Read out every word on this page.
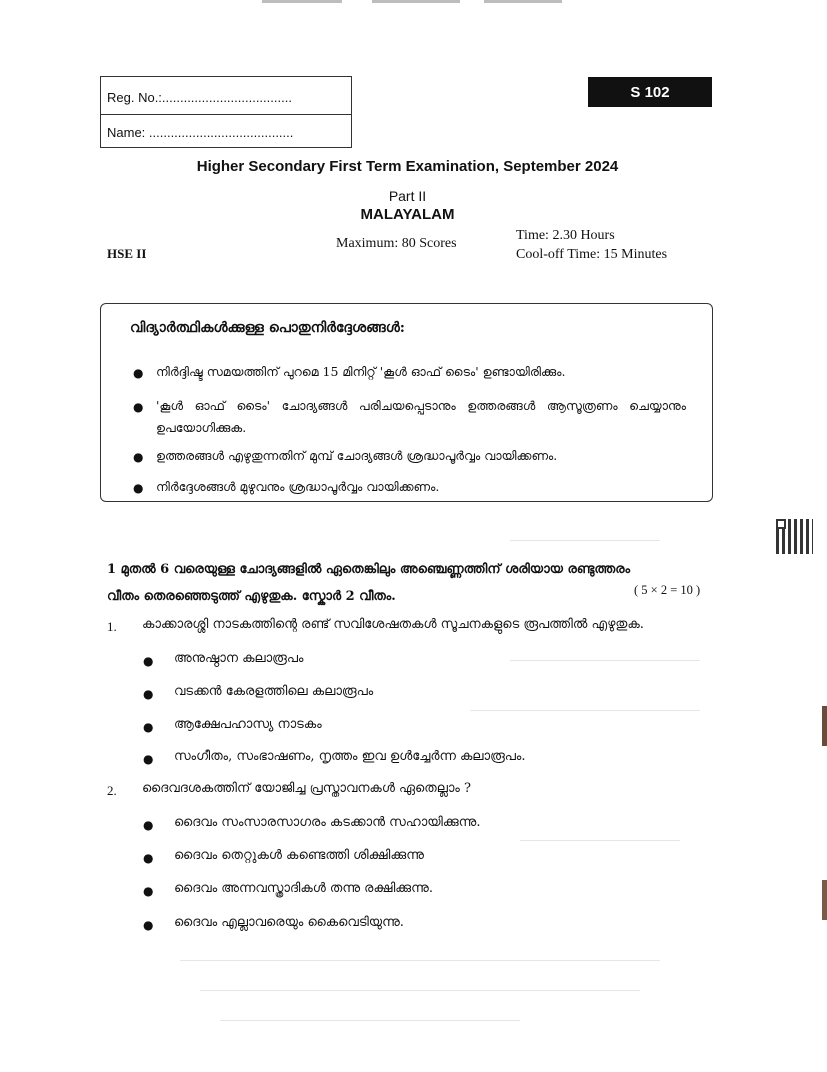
Reg. No.:....................................
Name: ........................................
S 102
Higher Secondary First Term Examination, September 2024
Part II
MALAYALAM
Maximum: 80 Scores
Time: 2.30 Hours
Cool-off Time: 15 Minutes
HSE II
വിദ്യാർത്ഥികൾക്കുള്ള പൊതുനിർദ്ദേശങ്ങൾ:
● നിർദ്ദിഷ്ട സമയത്തിന് പുറമെ 15 മിനിറ്റ് 'കൂൾ ഓഫ് ടൈം' ഉണ്ടായിരിക്കും.
● 'കൂൾ ഓഫ് ടൈം' ചോദ്യങ്ങൾ പരിചയപ്പെടാനും ഉത്തരങ്ങൾ ആസൂത്രണം ചെയ്യാനും ഉപയോഗിക്കുക.
● ഉത്തരങ്ങൾ എഴുതുന്നതിന് മുമ്പ് ചോദ്യങ്ങൾ ശ്രദ്ധാപൂർവ്വം വായിക്കണം.
● നിർദ്ദേശങ്ങൾ മുഴുവനും ശ്രദ്ധാപൂർവ്വം വായിക്കണം.
1 മുതൽ 6 വരെയുള്ള ചോദ്യങ്ങളിൽ ഏതെങ്കിലും അഞ്ചെണ്ണത്തിന് ശരിയായ രണ്ടുത്തരം
വീതം തെരഞ്ഞെടുത്ത് എഴുതുക. സ്കോർ 2 വീതം.	( 5 × 2 = 10 )
1. കാക്കാരശ്ശി നാടകത്തിന്റെ രണ്ട് സവിശേഷതകൾ സൂചനകളുടെ രൂപത്തിൽ എഴുതുക.
● അനുഷ്ഠാന കലാരൂപം
● വടക്കൻ കേരളത്തിലെ കലാരൂപം
● ആക്ഷേപഹാസ്യ നാടകം
● സംഗീതം, സംഭാഷണം, നൃത്തം ഇവ ഉൾച്ചേർന്ന കലാരൂപം.
2. ദൈവദശകത്തിന് യോജിച്ച പ്രസ്താവനകൾ ഏതെല്ലാം ?
● ദൈവം സംസാരസാഗരം കടക്കാൻ സഹായിക്കുന്നു.
● ദൈവം തെറ്റുകൾ കണ്ടെത്തി ശിക്ഷിക്കുന്നു
● ദൈവം അന്നവസ്ത്രാദികൾ തന്നു രക്ഷിക്കുന്നു.
● ദൈവം എല്ലാവരെയും കൈവെടിയുന്നു.
